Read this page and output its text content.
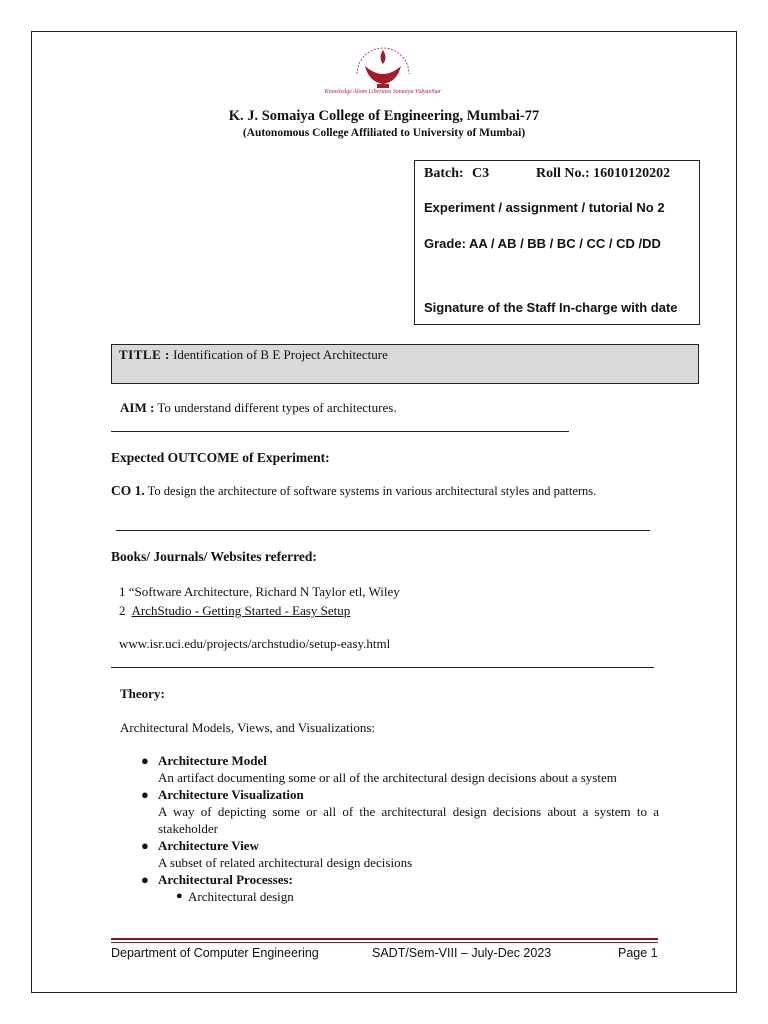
Knowledge Alone Liberates Somaiya Vidyavihar
K. J. Somaiya College of Engineering, Mumbai-77
(Autonomous College Affiliated to University of Mumbai)
Batch: C3	Roll No.: 16010120202
Experiment / assignment / tutorial No 2
Grade: AA / AB / BB / BC / CC / CD /DD
Signature of the Staff In-charge with date
TITLE : Identification of B E Project Architecture
AIM : To understand different types of architectures.
Expected OUTCOME of Experiment:
CO 1. To design the architecture of software systems in various architectural styles and patterns.
Books/ Journals/ Websites referred:
1 “Software Architecture, Richard N Taylor etl, Wiley
2 ArchStudio - Getting Started - Easy Setup
www.isr.uci.edu/projects/archstudio/setup-easy.html
Theory:
Architectural Models, Views, and Visualizations:
● Architecture Model
An artifact documenting some or all of the architectural design decisions about a system
● Architecture Visualization
A way of depicting some or all of the architectural design decisions about a system to a stakeholder
● Architecture View
A subset of related architectural design decisions
● Architectural Processes:
● Architectural design
Department of Computer Engineering	SADT/Sem-VIII – July-Dec 2023	Page 1
